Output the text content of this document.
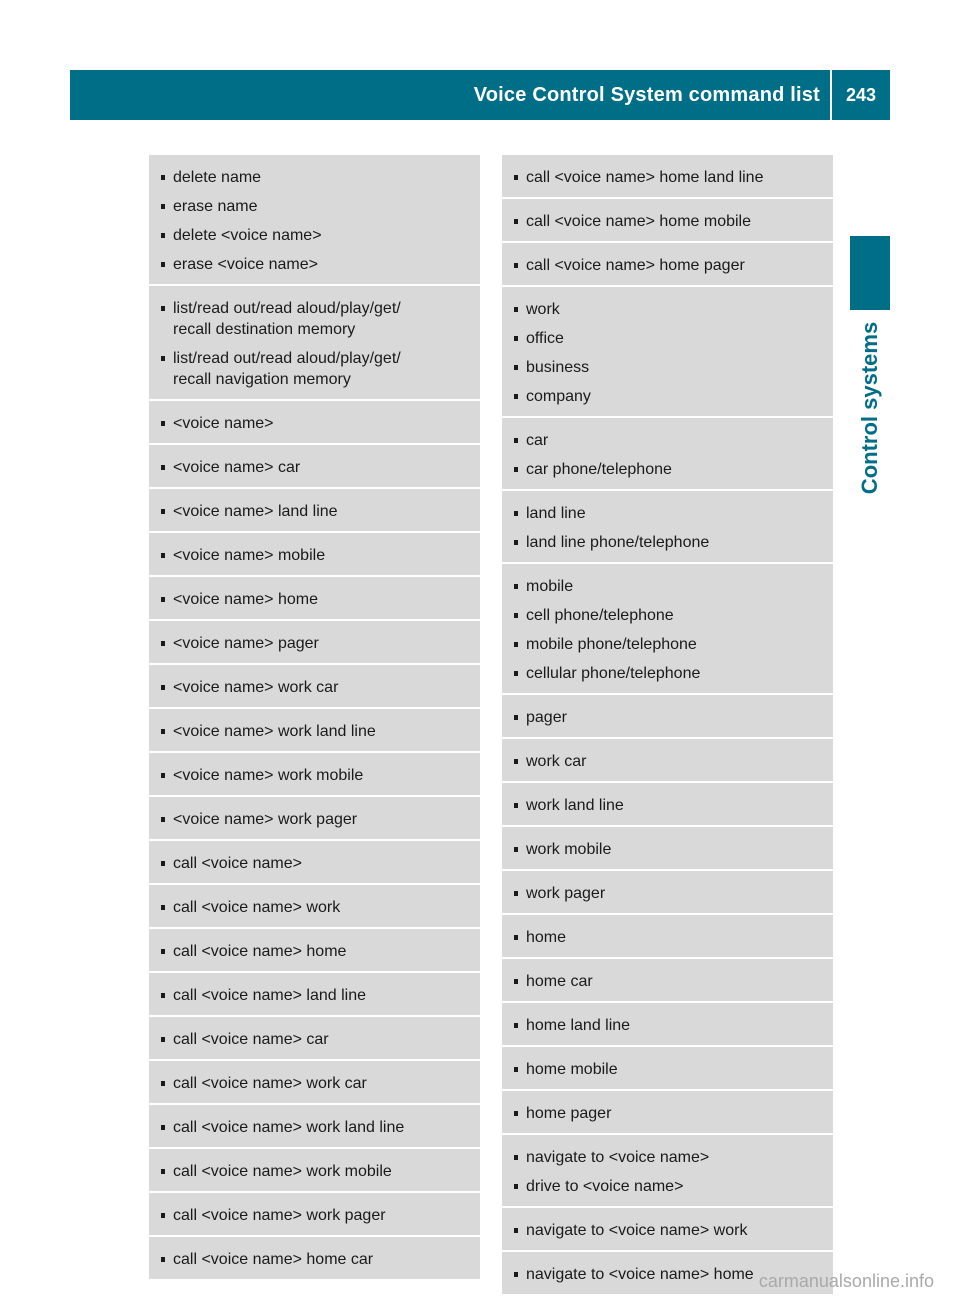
Voice Control System command list	243
Control systems
delete name
erase name
delete <voice name>
erase <voice name>
list/read out/read aloud/play/get/
recall destination memory
list/read out/read aloud/play/get/
recall navigation memory
<voice name>
<voice name> car
<voice name> land line
<voice name> mobile
<voice name> home
<voice name> pager
<voice name> work car
<voice name> work land line
<voice name> work mobile
<voice name> work pager
call <voice name>
call <voice name> work
call <voice name> home
call <voice name> land line
call <voice name> car
call <voice name> work car
call <voice name> work land line
call <voice name> work mobile
call <voice name> work pager
call <voice name> home car
call <voice name> home land line
call <voice name> home mobile
call <voice name> home pager
work
office
business
company
car
car phone/telephone
land line
land line phone/telephone
mobile
cell phone/telephone
mobile phone/telephone
cellular phone/telephone
pager
work car
work land line
work mobile
work pager
home
home car
home land line
home mobile
home pager
navigate to <voice name>
drive to <voice name>
navigate to <voice name> work
navigate to <voice name> home carmanualsonline.info
